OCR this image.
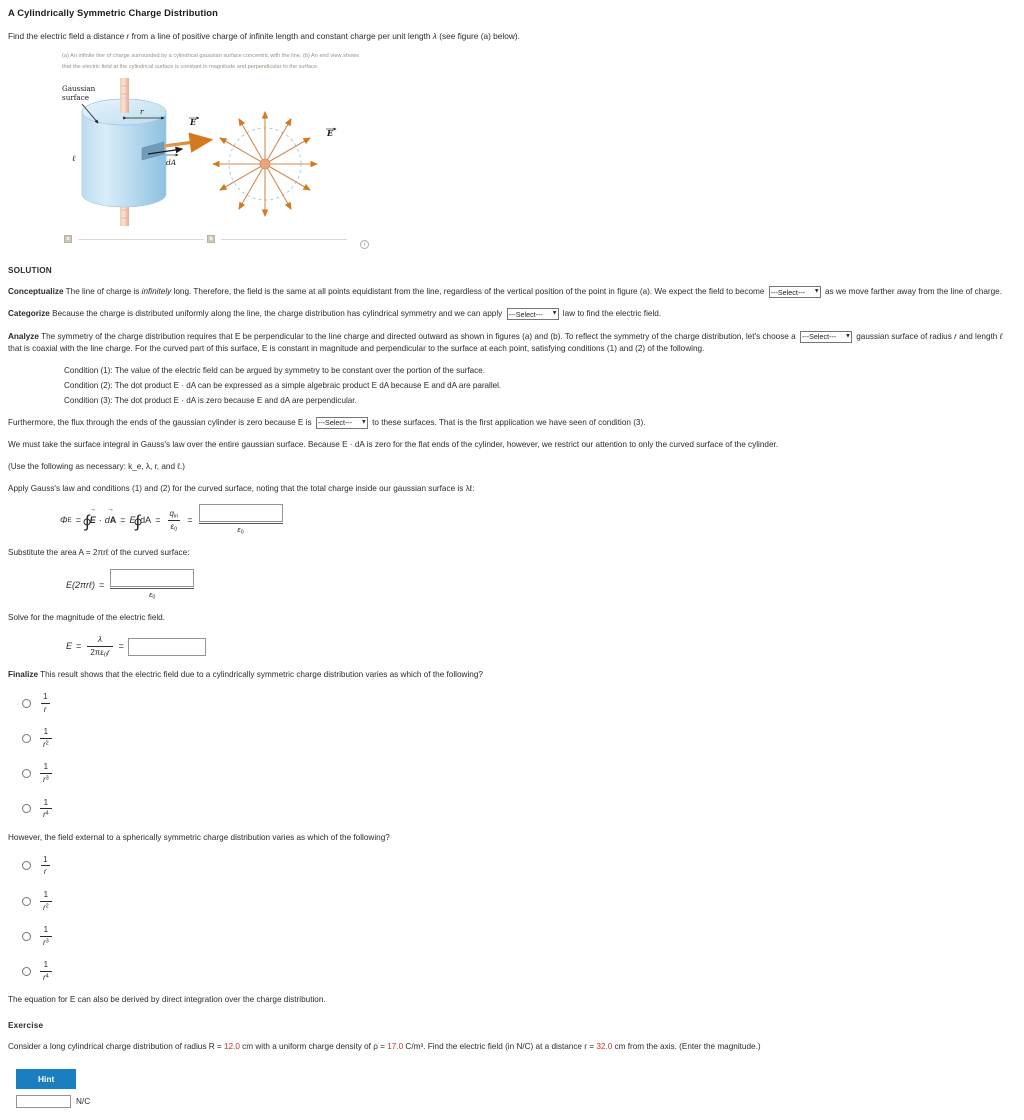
A Cylindrically Symmetric Charge Distribution

Find the electric field a distance r from a line of positive charge of infinite length and constant charge per unit length λ (see figure (a) below).

(a) An infinite line of charge surrounded by a cylindrical gaussian surface concentric with the line. (b) An end view shows that the electric field at the cylindrical surface is constant in magnitude and perpendicular to the surface.
Gaussian
surface
r
ℓ	dA
E
E
a	b
i
SOLUTION

Conceptualize The line of charge is infinitely long. Therefore, the field is the same at all points equidistant from the line, regardless of the vertical position of the point in figure (a). We expect the field to become
---Select---	▼ as we move farther away from the line of charge.

Categorize Because the charge is distributed uniformly along the line, the charge distribution has cylindrical symmetry and we can apply
---Select---	▼ law to find the electric field.

Analyze The symmetry of the charge distribution requires that E be perpendicular to the line charge and directed outward as shown in figures (a) and (b). To reflect the symmetry of the charge distribution, let's choose a
---Select---	▼ gaussian surface of radius r and length ℓ that is coaxial with the line charge. For the curved part of this surface, E is constant in magnitude and perpendicular to the surface at each point, satisfying conditions (1) and (2) of the following.

Condition (1): The value of the electric field can be argued by symmetry to be constant over the portion of the surface.
Condition (2): The dot product E · dA can be expressed as a simple algebraic product E dA because E and dA are parallel.
Condition (3): The dot product E · dA is zero because E and dA are perpendicular.

Furthermore, the flux through the ends of the gaussian cylinder is zero because E is
---Select---	▼ to these surfaces. That is the first application we have seen of condition (3).

We must take the surface integral in Gauss's law over the entire gaussian surface. Because E · dA is zero for the flat ends of the cylinder, however, we restrict our attention to only the curved surface of the cylinder.

(Use the following as necessary: k_e, λ, r, and ℓ.)

Apply Gauss's law and conditions (1) and (2) for the curved surface, noting that the total charge inside our gaussian surface is λℓ:

Φ E = ∫ E → · dA → = E ∫ dA = $\frac{q_{in}}{\varepsilon_0}$ =
$\varepsilon_0$

Substitute the area A = 2πrℓ of the curved surface:

E(2πrℓ) =
$\varepsilon_0$

Solve for the magnitude of the electric field.

$E = \frac{\lambda}{2\pi\varepsilon_0r}$ =

Finalize This result shows that the electric field due to a cylindrically symmetric charge distribution varies as which of the following?

$\frac{1}{r}$
$\frac{1}{r^2}$
$\frac{1}{r^3}$
$\frac{1}{r^4}$

However, the field external to a spherically symmetric charge distribution varies as which of the following?

$\frac{1}{r}$
$\frac{1}{r^2}$
$\frac{1}{r^3}$
$\frac{1}{r^4}$

The equation for E can also be derived by direct integration over the charge distribution.

Exercise

Consider a long cylindrical charge distribution of radius R = 12.0 cm with a uniform charge density of ρ = 17.0 C/m³. Find the electric field (in N/C) at a distance r = 32.0 cm from the axis. (Enter the magnitude.)

Hint
N/C
